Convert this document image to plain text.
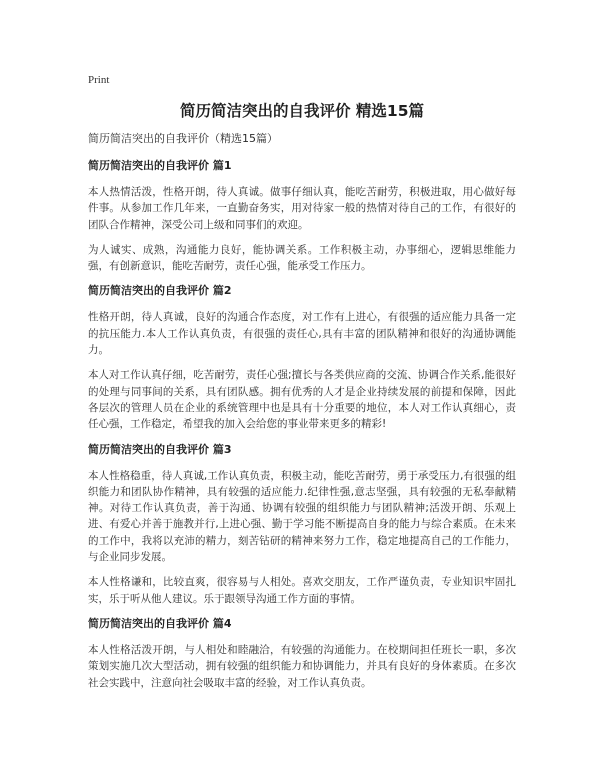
Print
简历简洁突出的自我评价 精选15篇
简历简洁突出的自我评价（精选15篇）
简历简洁突出的自我评价 篇1

本人热情活泼，性格开朗，待人真诚。做事仔细认真，能吃苦耐劳，积极进取，用心做好每件事。从参加工作几年来，一直勤奋务实，用对待家一般的热情对待自己的工作，有很好的团队合作精神，深受公司上级和同事们的欢迎。

为人诚实、成熟，沟通能力良好，能协调关系。工作积极主动，办事细心，逻辑思维能力强，有创新意识，能吃苦耐劳，责任心强，能承受工作压力。

简历简洁突出的自我评价 篇2

性格开朗，待人真诚，良好的沟通合作态度，对工作有上进心，有很强的适应能力具备一定的抗压能力.本人工作认真负责，有很强的责任心,具有丰富的团队精神和很好的沟通协调能力。

本人对工作认真仔细，吃苦耐劳，责任心强;擅长与各类供应商的交流、协调合作关系,能很好的处理与同事间的关系，具有团队感。拥有优秀的人才是企业持续发展的前提和保障，因此各层次的管理人员在企业的系统管理中也是具有十分重要的地位，本人对工作认真细心，责任心强，工作稳定，希望我的加入会给您的事业带来更多的精彩!

简历简洁突出的自我评价 篇3

本人性格稳重，待人真诚,工作认真负责，积极主动，能吃苦耐劳，勇于承受压力,有很强的组织能力和团队协作精神，具有较强的适应能力.纪律性强,意志坚强，具有较强的无私奉献精神。对待工作认真负责，善于沟通、协调有较强的组织能力与团队精神;活泼开朗、乐观上进、有爱心并善于施教并行,上进心强、勤于学习能不断提高自身的能力与综合素质。在未来的工作中，我将以充沛的精力，刻苦钻研的精神来努力工作，稳定地提高自己的工作能力，与企业同步发展。

本人性格谦和，比较直爽，很容易与人相处。喜欢交朋友，工作严谨负责，专业知识牢固扎实，乐于听从他人建议。乐于跟领导沟通工作方面的事情。

简历简洁突出的自我评价 篇4

本人性格活泼开朗，与人相处和睦融洽，有较强的沟通能力。在校期间担任班长一职，多次策划实施几次大型活动，拥有较强的组织能力和协调能力，并具有良好的身体素质。在多次社会实践中，注意向社会吸取丰富的经验，对工作认真负责。
